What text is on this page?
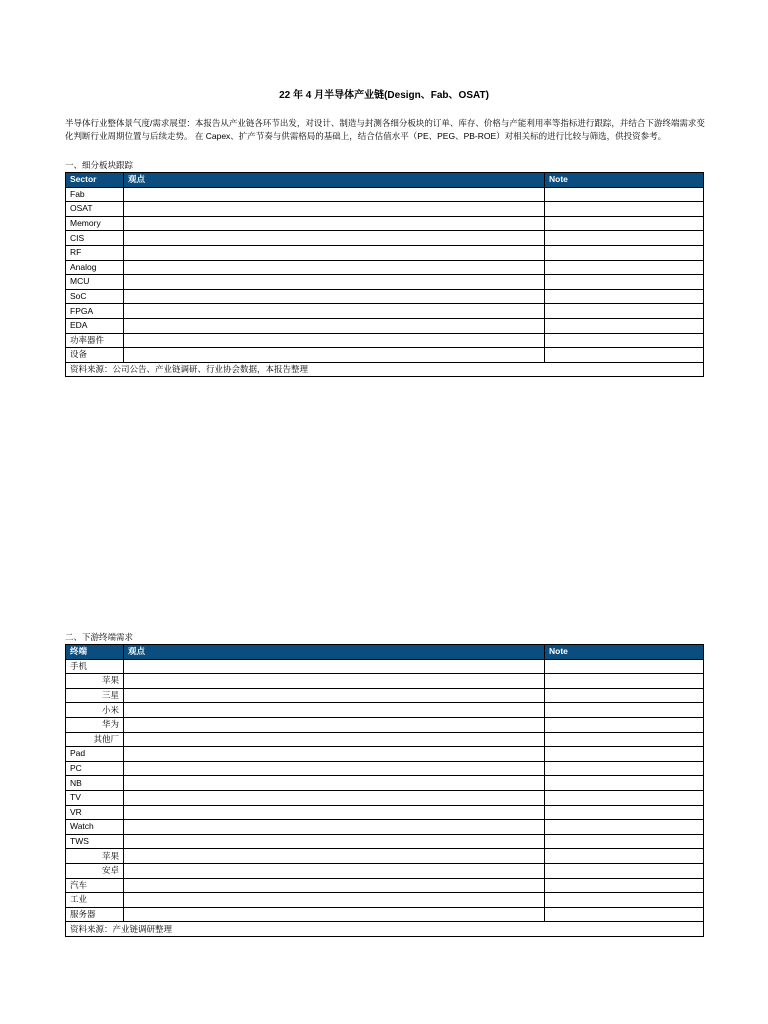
22 年 4 月半导体产业链(Design、Fab、OSAT)
半导体行业整体景气度/需求展望：本报告从产业链各环节出发，对设计、制造与封测各细分板块的订单、库存、价格与产能利用率等指标进行跟踪，并结合下游终端需求变化判断行业周期位置与后续走势。 在 Capex、扩产节奏与供需格局的基础上，结合估值水平（PE、PEG、PB-ROE）对相关标的进行比较与筛选，供投资参考。
一、细分板块跟踪
Sector	观点	Note
Fab		
OSAT		
Memory		
CIS		
RF		
Analog		
MCU		
SoC		
FPGA		
EDA		
功率器件		
设备		
资料来源：公司公告、产业链调研、行业协会数据，本报告整理		
二、下游终端需求
终端	观点	Note
手机		
苹果		
三星		
小米		
华为		
其他厂		
Pad		
PC		
NB		
TV		
VR		
Watch		
TWS		
苹果		
安卓		
汽车		
工业		
服务器		
资料来源：产业链调研整理		
